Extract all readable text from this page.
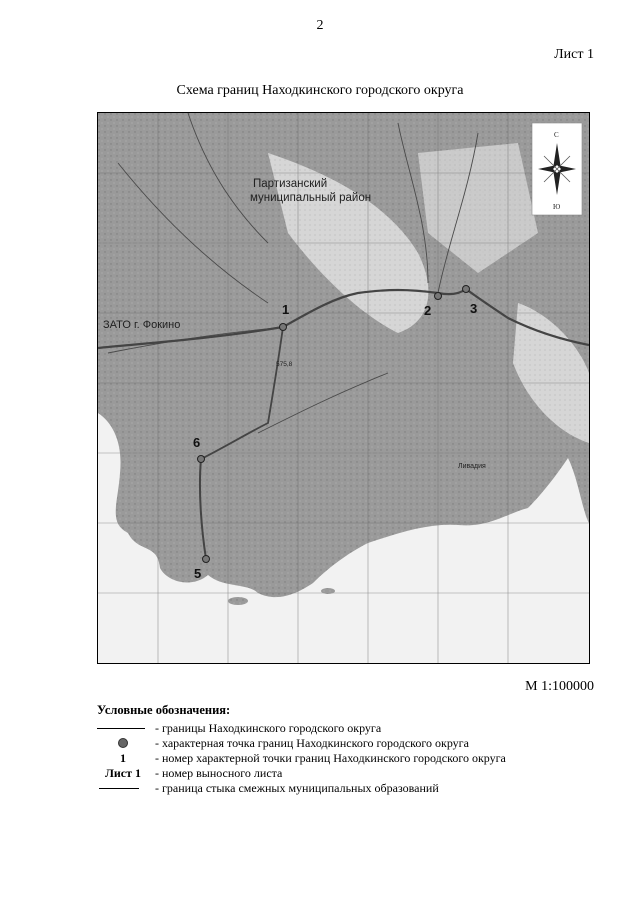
2
Лист 1
Схема границ Находкинского городского округа
1	2	3
5
6
Партизанский
муниципальный район
ЗАТО г. Фокино
Ливадия
575,8
С
Ю
М 1:100000
Условные обозначения:
- границы Находкинского городского округа
- характерная точка границ Находкинского городского округа
1	- номер характерной точки границ Находкинского городского округа
Лист 1	- номер выносного листа
- граница стыка смежных муниципальных образований
